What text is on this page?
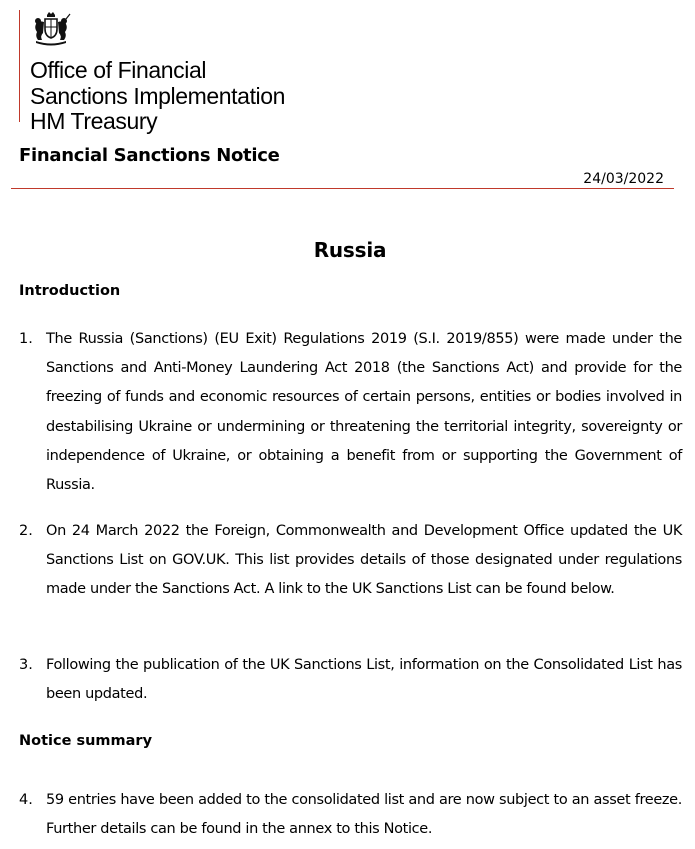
Office of Financial
Sanctions Implementation
HM Treasury
Financial Sanctions Notice
24/03/2022
Russia
Introduction
1. The Russia (Sanctions) (EU Exit) Regulations 2019 (S.I. 2019/855) were made under the Sanctions and Anti-Money Laundering Act 2018 (the Sanctions Act) and provide for the freezing of funds and economic resources of certain persons, entities or bodies involved in destabilising Ukraine or undermining or threatening the territorial integrity, sovereignty or independence of Ukraine, or obtaining a benefit from or supporting the Government of Russia.
2. On 24 March 2022 the Foreign, Commonwealth and Development Office updated the UK Sanctions List on GOV.UK. This list provides details of those designated under regulations made under the Sanctions Act. A link to the UK Sanctions List can be found below.
3. Following the publication of the UK Sanctions List, information on the Consolidated List has been updated.
Notice summary
4. 59 entries have been added to the consolidated list and are now subject to an asset freeze. Further details can be found in the annex to this Notice.
